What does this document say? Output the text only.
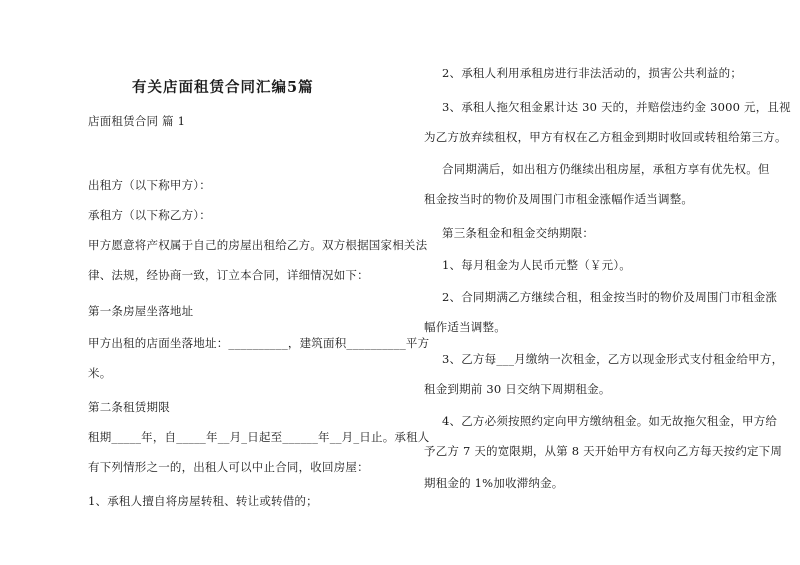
有关店面租赁合同汇编5篇
店面租赁合同 篇 1
出租方（以下称甲方）：
承租方（以下称乙方）：
甲方愿意将产权属于自己的房屋出租给乙方。双方根据国家相关法
律、法规，经协商一致，订立本合同，详细情况如下：
第一条房屋坐落地址
甲方出租的店面坐落地址：__________，建筑面积__________平方
米。
第二条租赁期限
租期_____年，自_____年__月_日起至______年__月_日止。承租人
有下列情形之一的，出租人可以中止合同，收回房屋：
1、承租人擅自将房屋转租、转让或转借的；
2、承租人利用承租房进行非法活动的，损害公共利益的；
3、承租人拖欠租金累计达 30 天的，并赔偿违约金 3000 元，且视
为乙方放弃续租权，甲方有权在乙方租金到期时收回或转租给第三方。
合同期满后，如出租方仍继续出租房屋，承租方享有优先权。但
租金按当时的物价及周围门市租金涨幅作适当调整。
第三条租金和租金交纳期限：
1、每月租金为人民币元整（￥元）。
2、合同期满乙方继续合租，租金按当时的物价及周围门市租金涨
幅作适当调整。
3、乙方每___月缴纳一次租金，乙方以现金形式支付租金给甲方，
租金到期前 30 日交纳下周期租金。
4、乙方必须按照约定向甲方缴纳租金。如无故拖欠租金，甲方给
予乙方 7 天的宽限期，从第 8 天开始甲方有权向乙方每天按约定下周
期租金的 1%加收滞纳金。
